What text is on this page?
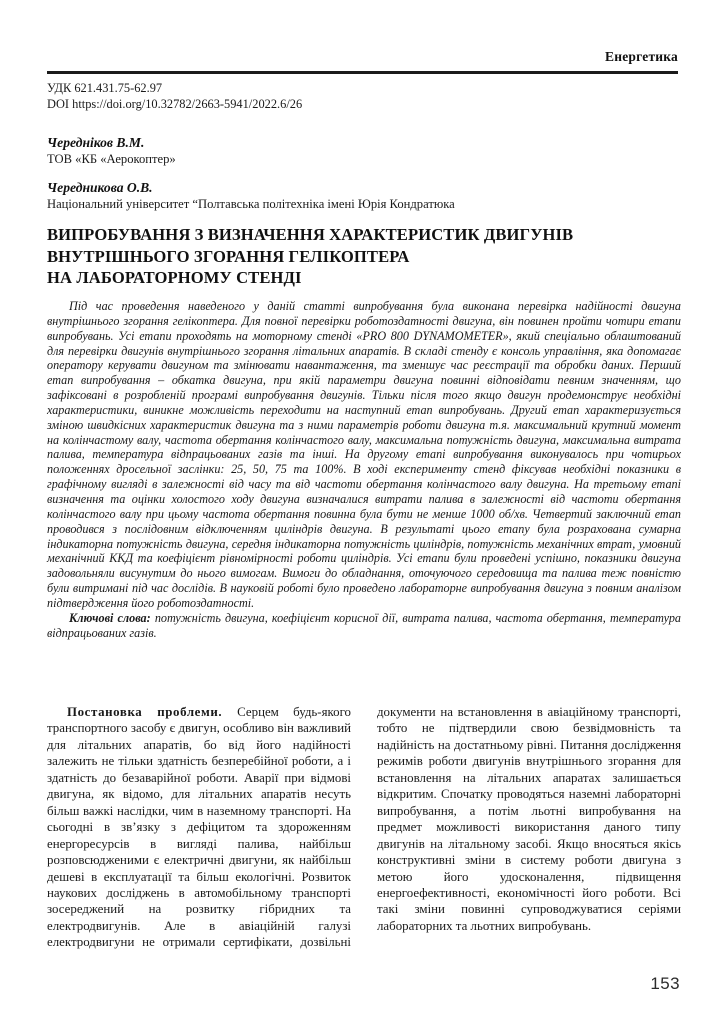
Енергетика
УДК 621.431.75-62.97
DOI https://doi.org/10.32782/2663-5941/2022.6/26
Чередніков В.М.
ТОВ «КБ «Аерокоптер»
Чередникова О.В.
Національний університет “Полтавська політехніка імені Юрія Кондратюка
ВИПРОБУВАННЯ З ВИЗНАЧЕННЯ ХАРАКТЕРИСТИК ДВИГУНІВ
ВНУТРІШНЬОГО ЗГОРАННЯ ГЕЛІКОПТЕРА
НА ЛАБОРАТОРНОМУ СТЕНДІ

Під час проведення наведеного у даній статті випробування була виконана перевірка надійності двигуна внутрішнього згорання гелікоптера. Для повної перевірки роботоздатності двигуна, він повинен пройти чотири етапи випробувань. Усі етапи проходять на моторному стенді «PRO 800 DYNAMOMETER», який спеціально облаштований для перевірки двигунів внутрішнього згорання літальних апаратів. В складі стенду є консоль управління, яка допомагає оператору керувати двигуном та змінювати навантаження, та зменшує час реєстрації та обробки даних. Перший етап випробування – обкатка двигуна, при якій параметри двигуна повинні відповідати певним значенням, що зафіксовані в розробленій програмі випробування двигунів. Тільки після того якщо двигун продемонструє необхідні характеристики, виникне можливість переходити на наступний етап випробувань. Другий етап характеризується зміною швидкісних характеристик двигуна та з ними параметрів роботи двигуна т.я. максимальний крутний момент на колінчастому валу, частота обертання колінчастого валу, максимальна потужність двигуна, максимальна витрата палива, температура відпрацьованих газів та інші. На другому етапі випробування виконувалось при чотирьох положеннях дросельної заслінки: 25, 50, 75 та 100%. В ході експерименту стенд фіксував необхідні показники в графічному вигляді в залежності від часу та від частоти обертання колінчастого валу двигуна. На третьому етапі визначення та оцінки холостого ходу двигуна визначалися витрати палива в залежності від частоти обертання колінчастого валу при цьому частота обертання повинна була бути не менше 1000 об/хв. Четвертий заключний етап проводився з послідовним відключенням циліндрів двигуна. В результаті цього етапу була розрахована сумарна індикаторна потужність двигуна, середня індикаторна потужність циліндрів, потужність механічних втрат, умовний механічний ККД та коефіцієнт рівномірності роботи циліндрів. Усі етапи були проведені успішно, показники двигуна задовольняли висунутим до нього вимогам. Вимоги до обладнання, оточуючого середовища та палива теж повністю були витримані під час дослідів. В науковій роботі було проведено лабораторне випробування двигуна з повним аналізом підтвердження його роботоздатності.

Ключові слова: потужність двигуна, коефіцієнт корисної дії, витрата палива, частота обертання, температура відпрацьованих газів.

Постановка проблеми. Серцем будь-якого транспортного засобу є двигун, особливо він важливий для літальних апаратів, бо від його надійності залежить не тільки здатність безперебійної роботи, а і здатність до безаварійної роботи. Аварії при відмові двигуна, як відомо, для літальних апаратів несуть більш важкі наслідки, чим в наземному транспорті. На сьогодні в зв’язку з дефіцитом та здороженням енергоресурсів в вигляді палива, найбільш розповсюдженими є електричні двигуни, як найбільш дешеві в експлуатації та більш екологічні. Розвиток наукових досліджень в автомобільному транспорті зосереджений на розвитку гібридних та електродвигунів. Але в авіаційній галузі електродвигуни не отримали сертифікати, дозвільні документи на встановлення в авіаційному транспорті, тобто не підтвердили свою безвідмовність та надійність на достатньому рівні. Питання дослідження режимів роботи двигунів внутрішнього згорання для встановлення на літальних апаратах залишається відкритим. Спочатку проводяться наземні лабораторні випробування, а потім льотні випробування на предмет можливості використання даного типу двигунів на літальному засобі. Якщо вносяться якісь конструктивні зміни в систему роботи двигуна з метою його удосконалення, підвищення енергоефективності, економічності його роботи. Всі такі зміни повинні супроводжуватися серіями лабораторних та льотних випробувань.

153
